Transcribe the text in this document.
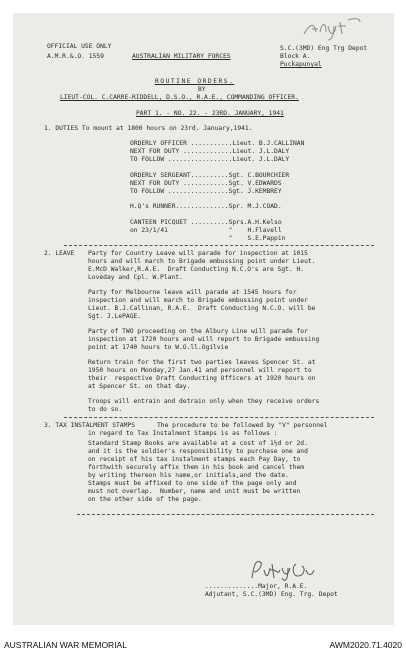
OFFICIAL USE ONLY
A.M.R.&.O. 1559	AUSTRALIAN MILITARY FORCES
S.C.(3MD) Eng Trg Depot
Block A.
Puckapunyal
ROUTINE ORDERS.
BY
LIEUT-COL. C.CARRE-RIDDELL, D.S.O., R.A.E., COMMANDING OFFICER.
PART 1. - NO. 22. - 23RD. JANUARY, 1941
1. DUTIES To mount at 1800 hours on 23rd. January,1941.
ORDERLY OFFICER ...........Lieut. B.J.CALLINAN
NEXT FOR DUTY .............Lieut. J.L.DALY
TO FOLLOW .................Lieut. J.L.DALY
ORDERLY SERGEANT..........Sgt. C.BOURCHIER
NEXT FOR DUTY ............Sgt. V.EDWARDS
TO FOLLOW ................Sgt. J.KEMBREY
H.Q's RUNNER..............Spr. M.J.COAD.
CANTEEN PICQUET ..........Sprs.A.H.Kelso
on 23/1/41                "    H.Flavell
"    S.E.Pappin
2. LEAVE Party for Country Leave will parade for inspection at 1015
hours and will march to Brigade embussing point under Lieut.
E.McD Walker,R.A.E.  Draft Conducting N.C.O's are Sgt. H.
Loveday and Cpl. W.Plant.
Party for Melbourne leave will parade at 1545 hours for
inspection and will march to Brigade embussing point under
Lieut. B.J.Callinan, R.A.E.  Draft Conducting N.C.O. will be
Sgt. J.LePAGE.
Party of TWO proceeding on the Albury Line will parade for
inspection at 1720 hours and will report to Brigade embussing
point at 1740 hours to W.O.ll.Ogilvie
Return train for the first two parties leaves Spencer St. at
1950 hours on Monday,27 Jan.41 and personnel will report to
their  respective Draft Conducting Officers at 1920 hours on
at Spencer St. on that day.
Troops will entrain and detrain only when they receive orders
to do so.
3. TAX INSTALMENT STAMPS	The procedure to be followed by "V" personnel
in regard to Tax Instalment Stamps is as follows :
Standard Stamp Books are available at a cost of 1½d or 2d.
and it is the soldier's responsibility to purchase one and
on receipt of his tax instalment stamps each Pay Day, to
forthwith securely affix them in his book and cancel them
by writing thereon his name,or initials,and the date.
Stamps must be affixed to one side of the page only and
must not overlap.  Number, name and unit must be written
on the other side of the page.
..............Major, R.A.E.
Adjutant, S.C.(3MD) Eng. Trg. Depot
AUSTRALIAN WAR MEMORIAL	AWM2020.71.4020
